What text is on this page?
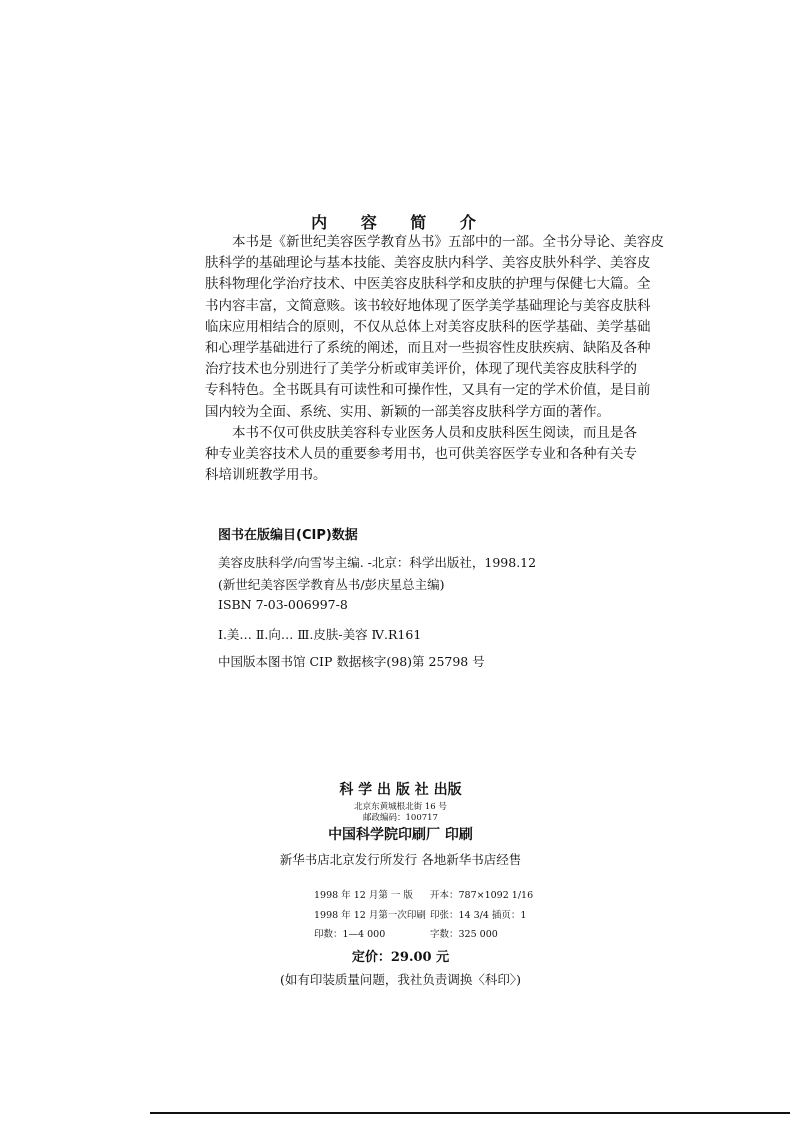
内 容 简 介
本书是《新世纪美容医学教育丛书》五部中的一部。全书分导论、美容皮
肤科学的基础理论与基本技能、美容皮肤内科学、美容皮肤外科学、美容皮
肤科物理化学治疗技术、中医美容皮肤科学和皮肤的护理与保健七大篇。全
书内容丰富，文简意赅。该书较好地体现了医学美学基础理论与美容皮肤科
临床应用相结合的原则，不仅从总体上对美容皮肤科的医学基础、美学基础
和心理学基础进行了系统的阐述，而且对一些损容性皮肤疾病、缺陷及各种
治疗技术也分别进行了美学分析或审美评价，体现了现代美容皮肤科学的
专科特色。全书既具有可读性和可操作性，又具有一定的学术价值，是目前
国内较为全面、系统、实用、新颖的一部美容皮肤科学方面的著作。
本书不仅可供皮肤美容科专业医务人员和皮肤科医生阅读，而且是各
种专业美容技术人员的重要参考用书，也可供美容医学专业和各种有关专
科培训班教学用书。
图书在版编目(CIP)数据
美容皮肤科学/向雪岑主编. -北京：科学出版社，1998.12
(新世纪美容医学教育丛书/彭庆星总主编)
ISBN 7-03-006997-8
Ⅰ.美… Ⅱ.向… Ⅲ.皮肤-美容 Ⅳ.R161
中国版本图书馆 CIP 数据核字(98)第 25798 号
科 学 出 版 社 出版
北京东黄城根北街 16 号
邮政编码：100717
中国科学院印刷厂 印刷
新华书店北京发行所发行 各地新华书店经售
1998 年 12 月第 一 版 开本：787×1092 1/16
1998 年 12 月第一次印刷 印张：14 3/4 插页：1
印数：1—4 000	字数：325 000
定价：29.00 元
(如有印装质量问题，我社负责调换〈科印〉)
